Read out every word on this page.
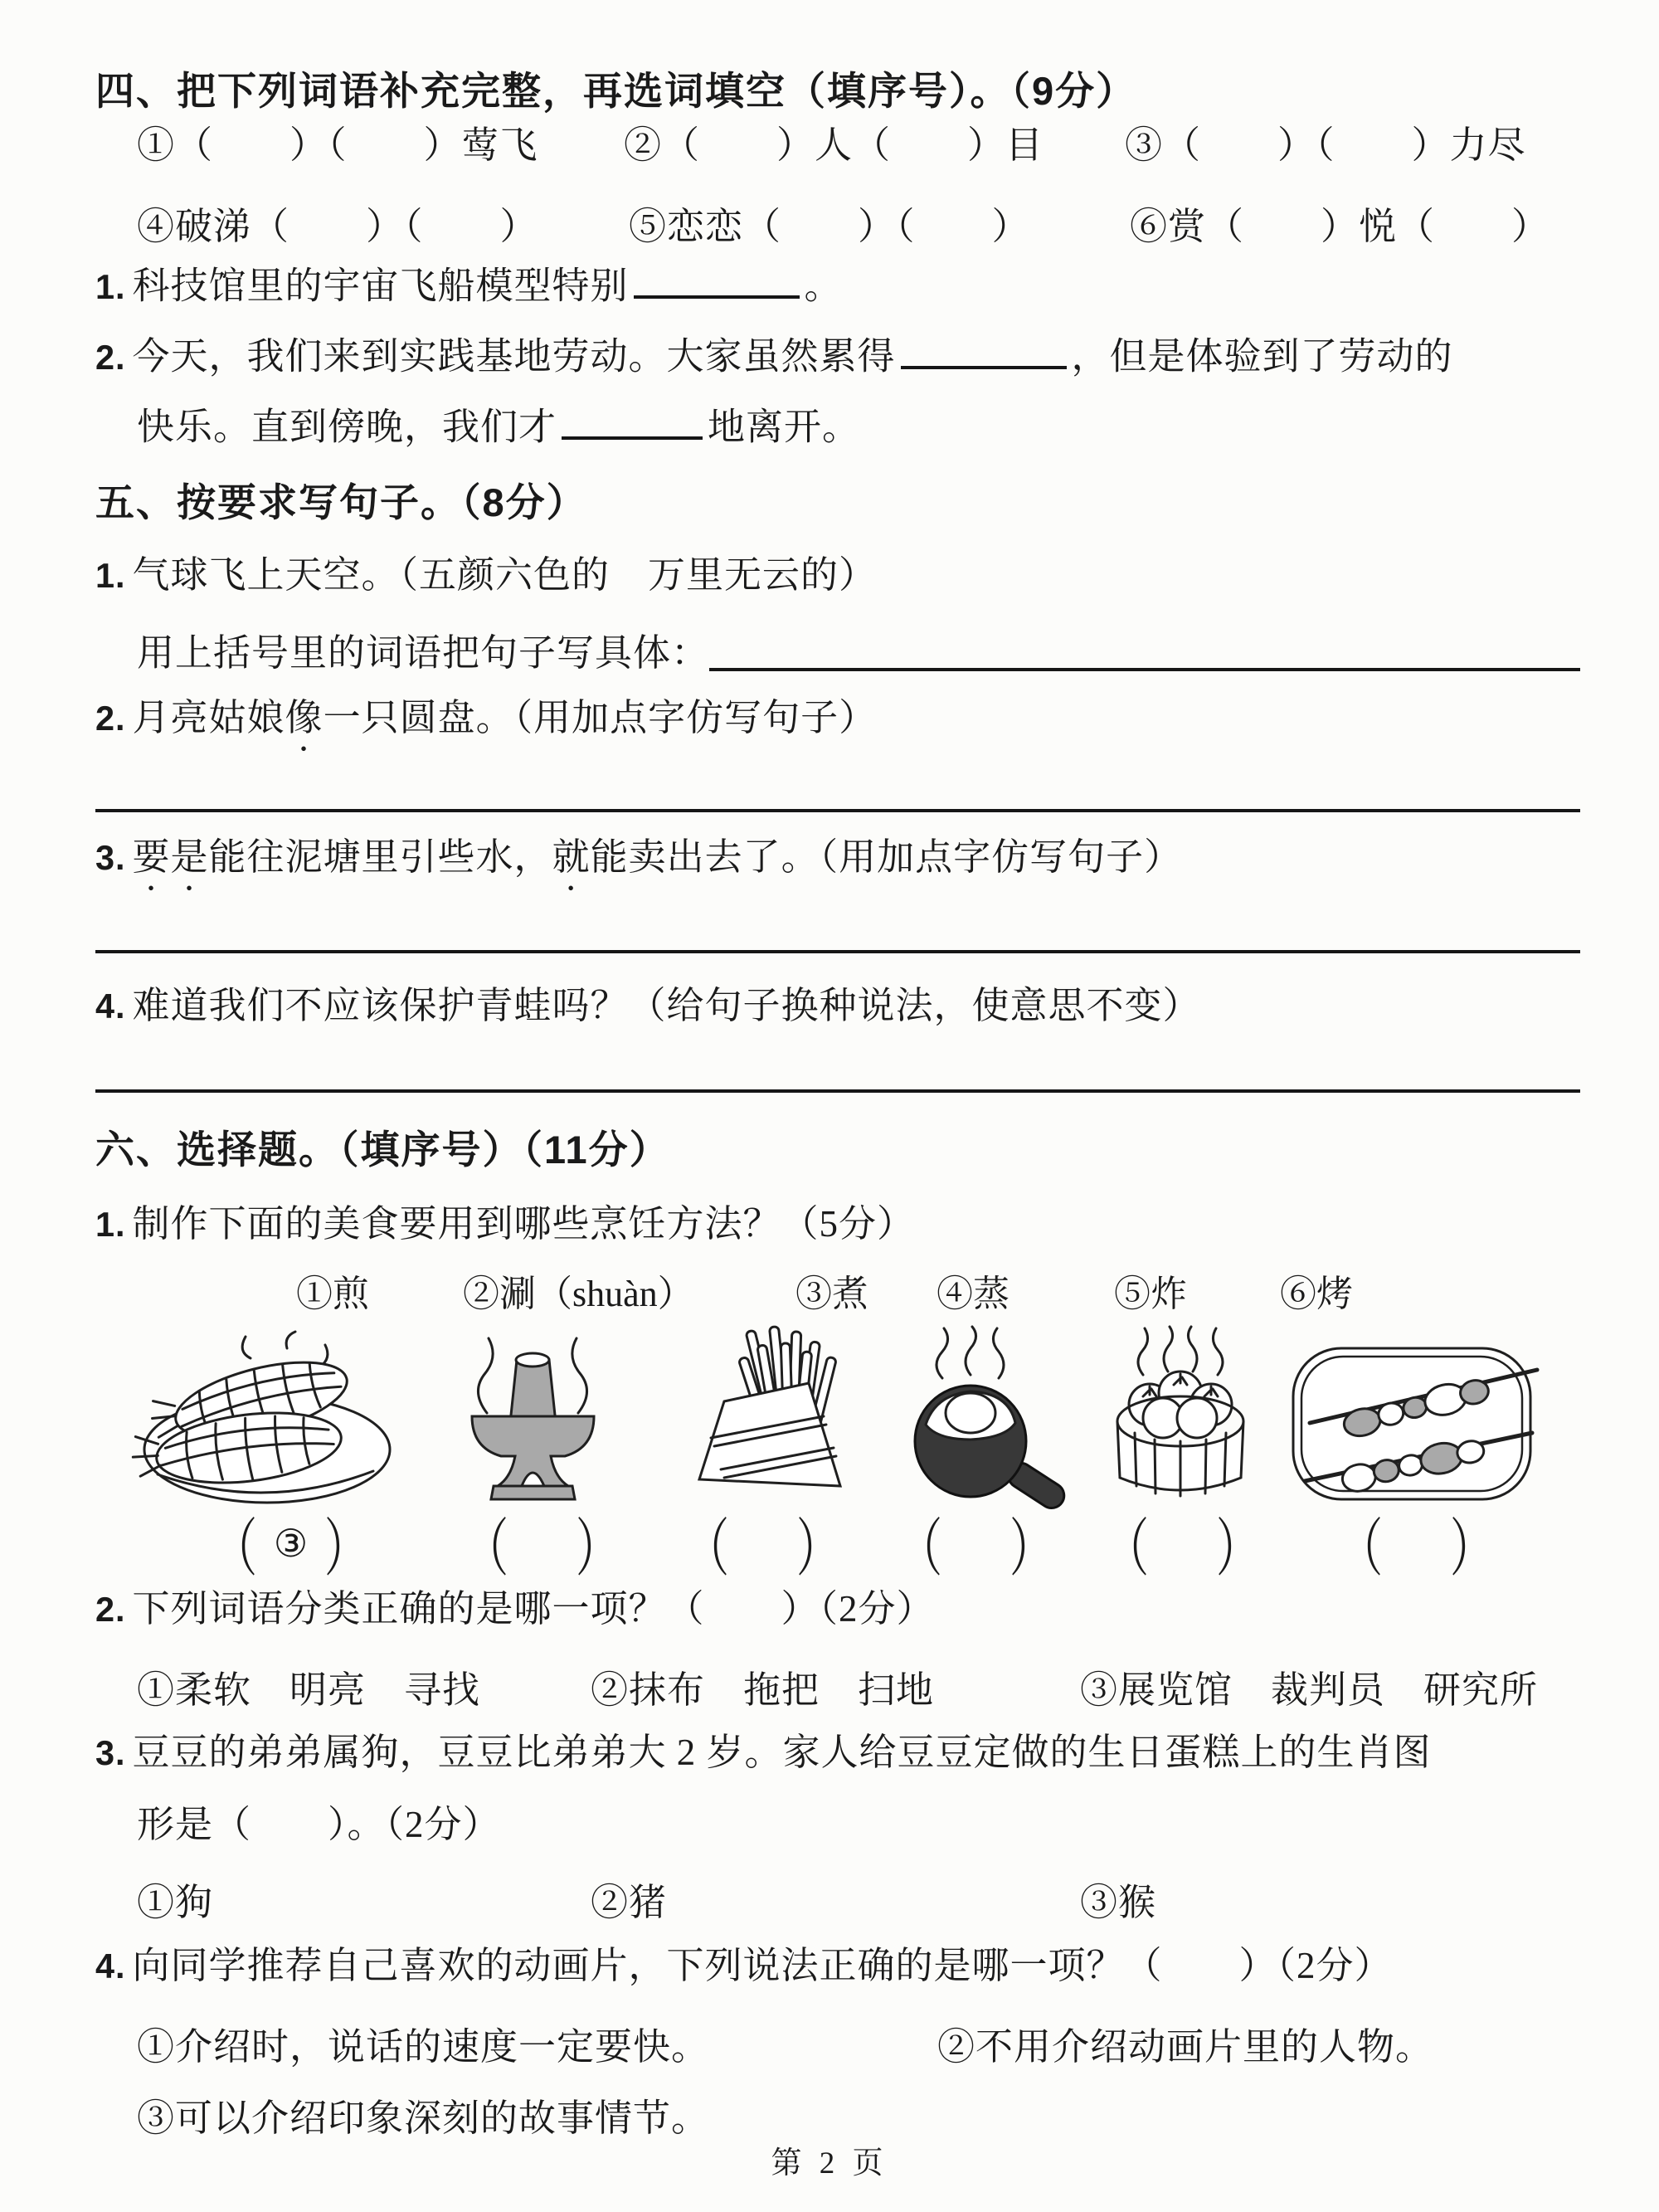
四、把下列词语补充完整，再选词填空（填序号）。（9分）
①（　　）（　　）莺飞 ②（　　）人（　　）目 ③（　　）（　　）力尽
④破涕（　　）（　　） ⑤恋恋（　　）（　　）	⑥赏（　　）悦（　　）
1. 科技馆里的宇宙飞船模型特别	。
2. 今天，我们来到实践基地劳动。大家虽然累得	，但是体验到了劳动的
快乐。直到傍晚，我们才	地离开。
五、按要求写句子。（8分）
1. 气球飞上天空。（五颜六色的　万里无云的）
用上括号里的词语把句子写具体：
2. 月亮姑娘像一只圆盘。（用加点字仿写句子）
3. 要是能往泥塘里引些水，就能卖出去了。（用加点字仿写句子）
4. 难道我们不应该保护青蛙吗？（给句子换种说法，使意思不变）
六、选择题。（填序号）（11分）
1. 制作下面的美食要用到哪些烹饪方法？（5分）
①煎	②涮（shuàn）	③煮 ④蒸	⑤炸	⑥烤
（ ③ ） （ ） （ ） （ ） （ ） （ ）
2. 下列词语分类正确的是哪一项？（　　）（2分）
①柔软　明亮　寻找	②抹布　拖把　扫地	③展览馆　裁判员　研究所
3. 豆豆的弟弟属狗，豆豆比弟弟大 2 岁。家人给豆豆定做的生日蛋糕上的生肖图
形是（　　）。（2分）
①狗	②猪	③猴
4. 向同学推荐自己喜欢的动画片，下列说法正确的是哪一项？（　　）（2分）
①介绍时，说话的速度一定要快。	②不用介绍动画片里的人物。
③可以介绍印象深刻的故事情节。
第 2 页
